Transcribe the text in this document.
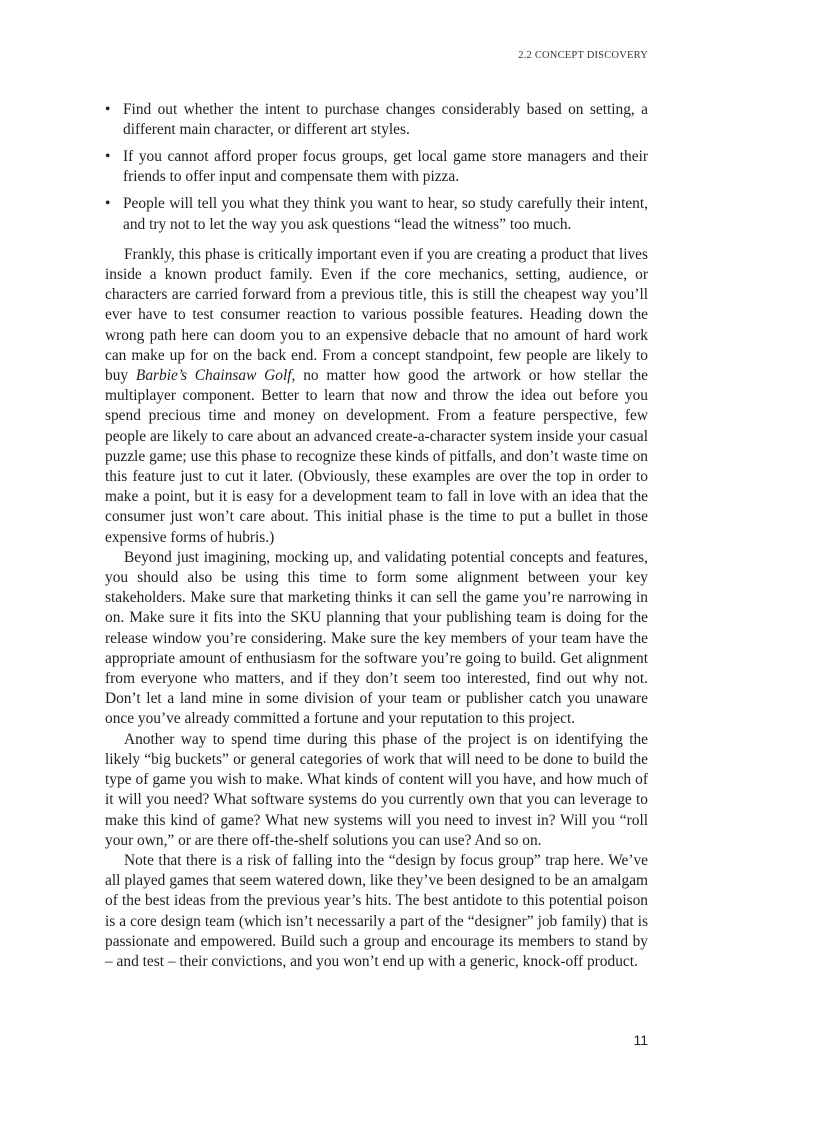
2.2 CONCEPT DISCOVERY
• Find out whether the intent to purchase changes considerably based on setting, a different main character, or different art styles.
• If you cannot afford proper focus groups, get local game store managers and their friends to offer input and compensate them with pizza.
• People will tell you what they think you want to hear, so study carefully their intent, and try not to let the way you ask questions “lead the witness” too much.

Frankly, this phase is critically important even if you are creating a product that lives inside a known product family. Even if the core mechanics, setting, audience, or characters are carried forward from a previous title, this is still the cheapest way you’ll ever have to test consumer reaction to various possible features. Heading down the wrong path here can doom you to an expensive debacle that no amount of hard work can make up for on the back end. From a concept standpoint, few people are likely to buy Barbie’s Chainsaw Golf, no matter how good the artwork or how stellar the multiplayer component. Better to learn that now and throw the idea out before you spend precious time and money on development. From a feature perspective, few people are likely to care about an advanced create-a-character system inside your casual puzzle game; use this phase to recognize these kinds of pitfalls, and don’t waste time on this feature just to cut it later. (Obviously, these examples are over the top in order to make a point, but it is easy for a development team to fall in love with an idea that the consumer just won’t care about. This initial phase is the time to put a bullet in those expensive forms of hubris.)

Beyond just imagining, mocking up, and validating potential concepts and features, you should also be using this time to form some alignment between your key stakeholders. Make sure that marketing thinks it can sell the game you’re narrowing in on. Make sure it fits into the SKU planning that your publishing team is doing for the release window you’re considering. Make sure the key members of your team have the appropriate amount of enthusiasm for the software you’re going to build. Get alignment from everyone who matters, and if they don’t seem too interested, find out why not. Don’t let a land mine in some division of your team or publisher catch you unaware once you’ve already committed a fortune and your reputation to this project.

Another way to spend time during this phase of the project is on identifying the likely “big buckets” or general categories of work that will need to be done to build the type of game you wish to make. What kinds of content will you have, and how much of it will you need? What software systems do you currently own that you can leverage to make this kind of game? What new systems will you need to invest in? Will you “roll your own,” or are there off-the-shelf solutions you can use? And so on.

Note that there is a risk of falling into the “design by focus group” trap here. We’ve all played games that seem watered down, like they’ve been designed to be an amalgam of the best ideas from the previous year’s hits. The best antidote to this potential poison is a core design team (which isn’t necessarily a part of the “designer” job family) that is passionate and empowered. Build such a group and encourage its members to stand by – and test – their convictions, and you won’t end up with a generic, knock-off product.

11
